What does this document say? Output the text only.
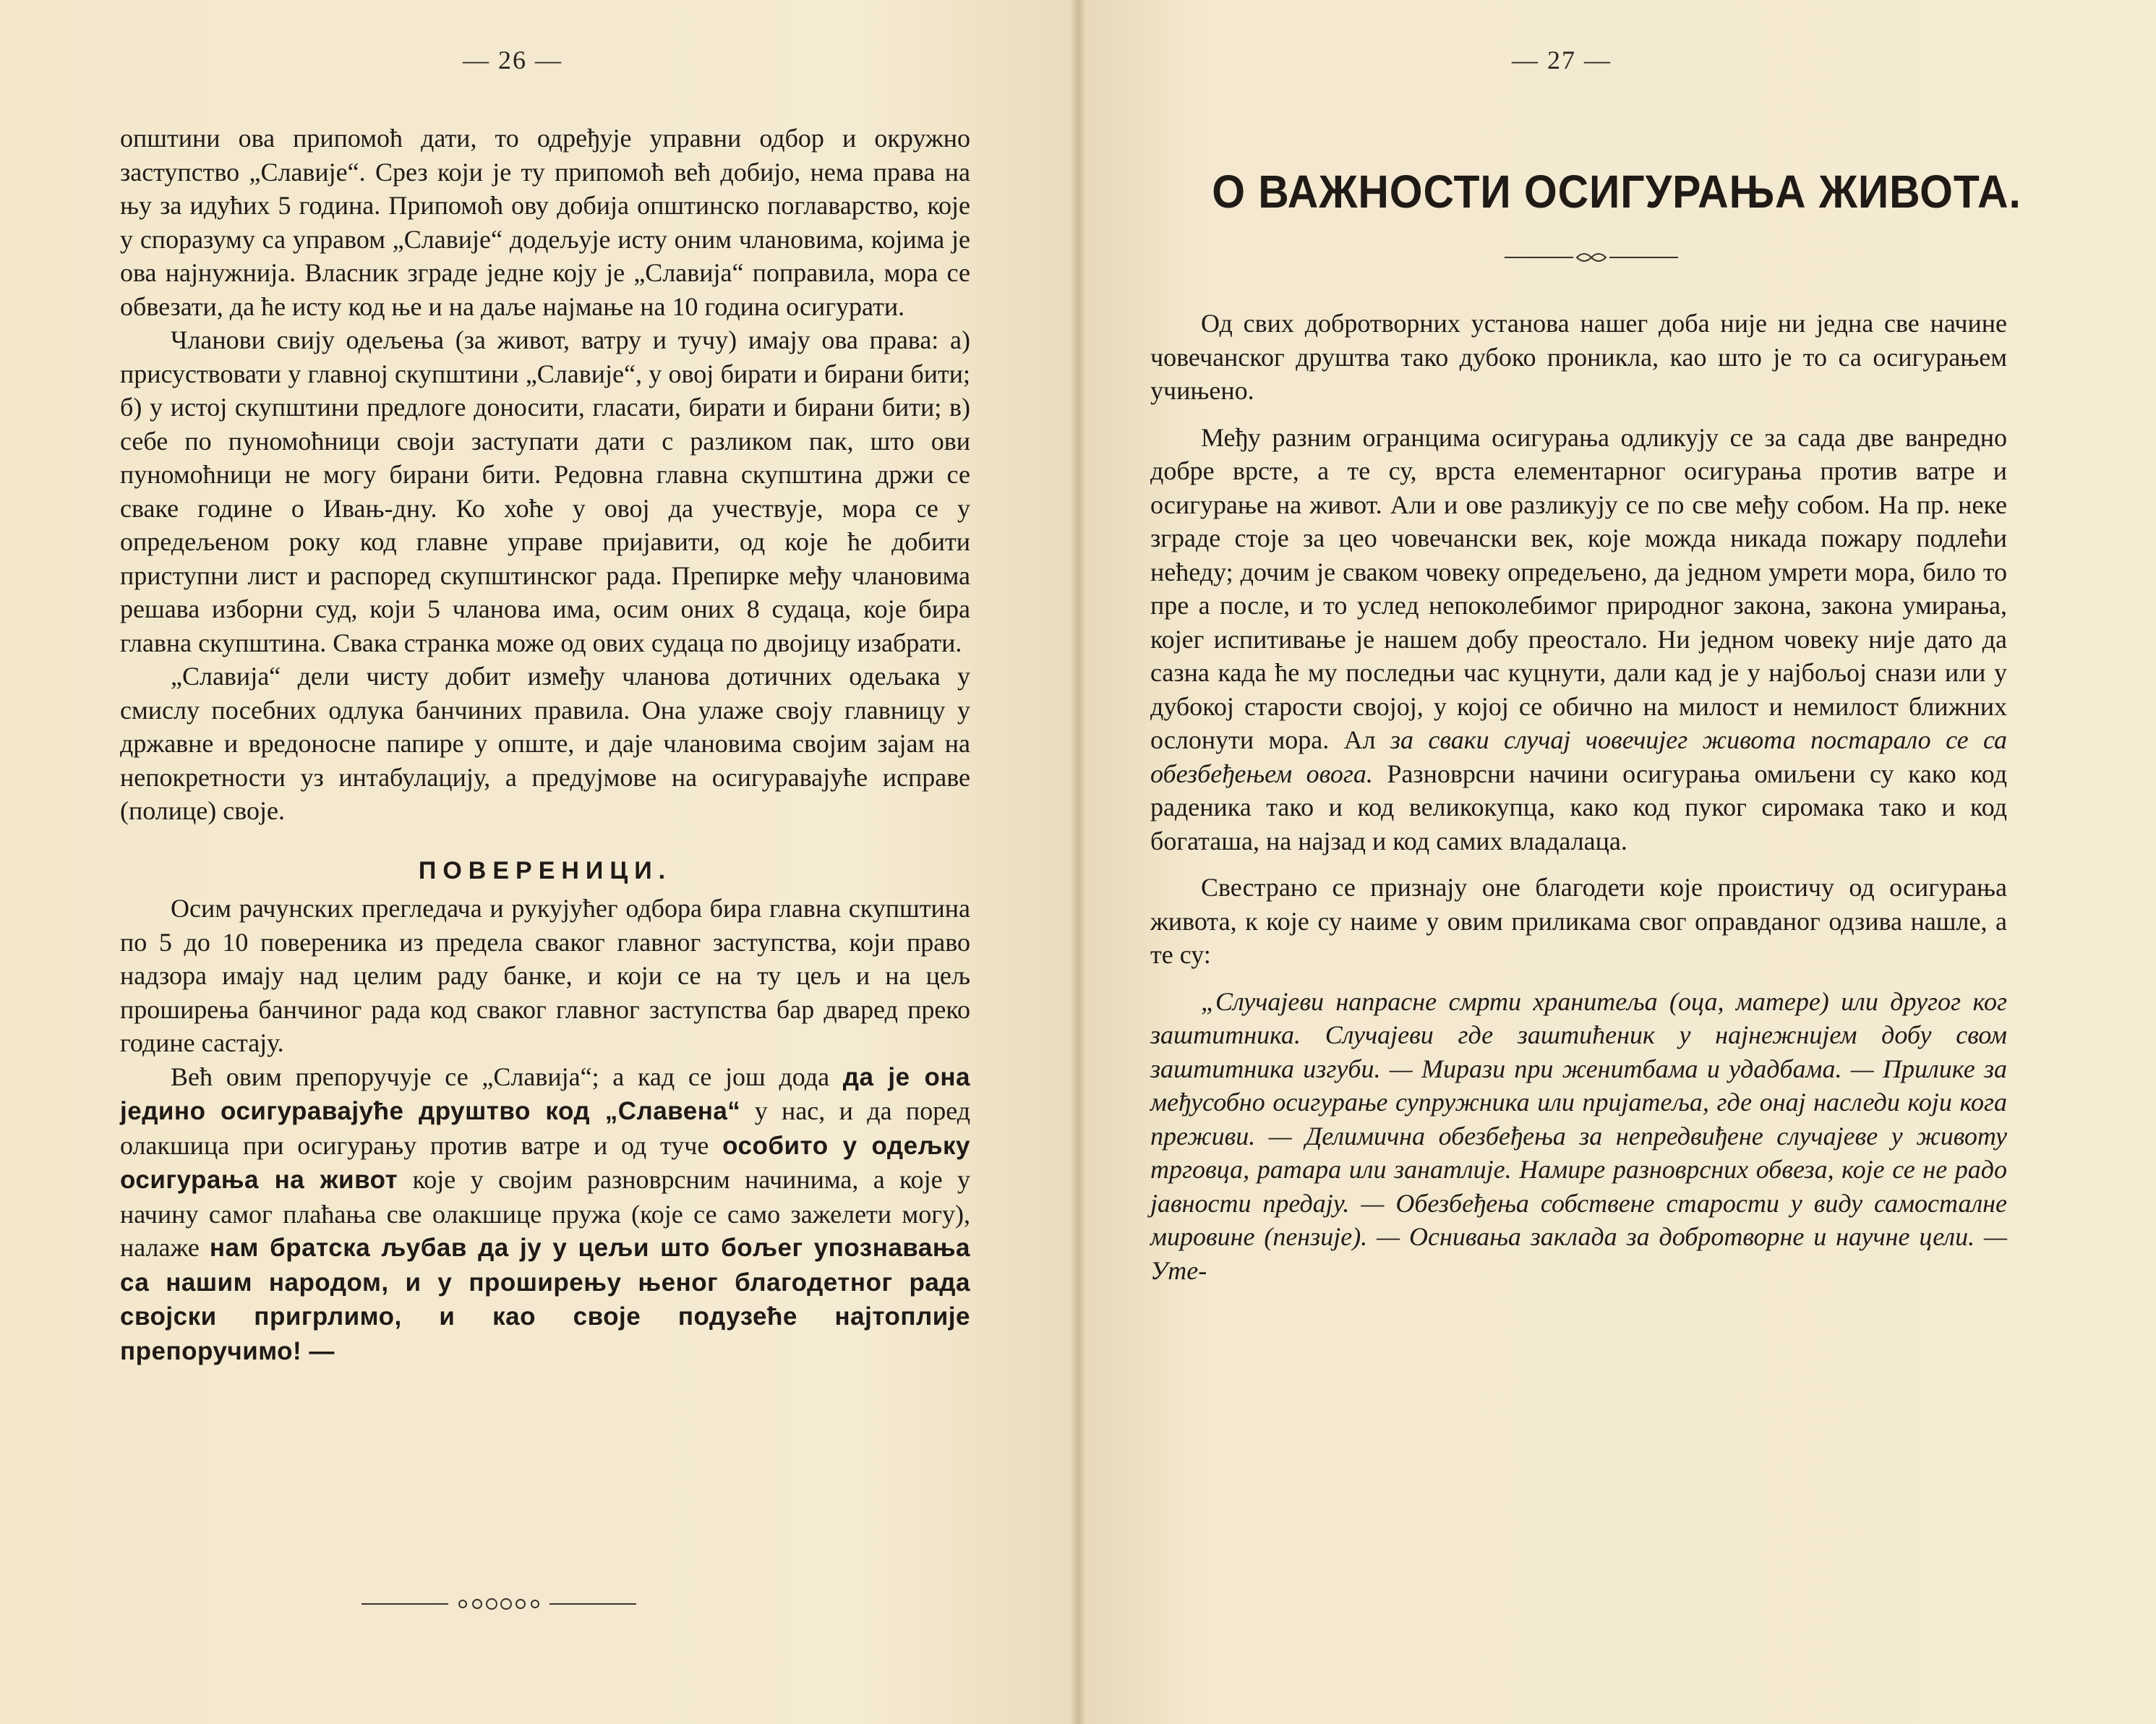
— 26 —

општини ова припомоћ дати, то одређује управни одбор и окружно заступство „Славије“. Срез који је ту припомоћ већ добијо, нема права на њу за идућих 5 година. Припомоћ ову добија општинско поглаварство, које у споразуму са управом „Славије“ додељује исту оним члановима, којима је ова најнужнија. Власник зграде једне коју је „Славија“ поправила, мора се обвезати, да ће исту код ње и на даље најмање на 10 година осигурати.

Чланови свију одељења (за живот, ватру и тучу) имају ова права: а) присуствовати у главној скупштини „Славије“, у овој бирати и бирани бити; б) у истој скупштини предлоге доносити, гласати, бирати и бирани бити; в) себе по пуномоћници своји заступати дати с разликом пак, што ови пуномоћници не могу бирани бити. Редовна главна скупштина држи се сваке године о Ивањ-дну. Ко хоће у овој да учествује, мора се у опредељеном року код главне управе пријавити, од које ће добити приступни лист и распоред скупштинског рада. Препирке међу члановима решава изборни суд, који 5 чланова има, осим оних 8 судаца, које бира главна скупштина. Свака странка може од ових судаца по двојицу изабрати.

„Славија“ дели чисту добит између чланова дотичних одељака у смислу посебних одлука банчиних правила. Она улаже своју главницу у државне и вредоносне папире у опште, и даје члановима својим зајам на непокретности уз интабулацију, а предујмове на осигуравајуће исправе (полице) своје.

ПОВЕРЕНИЦИ.

Осим рачунских прегледача и рукујућег одбора бира главна скупштина по 5 до 10 повереника из предела сваког главног заступства, који право надзора имају над целим раду банке, и који се на ту цељ и на цељ проширења банчиног рада код сваког главног заступства бар дваред преко године састају.

Већ овим препоручује се „Славија“; а кад се још дода да је она једино осигуравајуће друштво код „Славена“ у нас, и да поред олакшица при осигурању против ватре и од туче особито у одељку осигурања на живот које у својим разноврсним начинима, а које у начину самог плаћања све олакшице пружа (које се само зажелети могу), налаже нам братска љубав да ју у цељи што бољег упознавања са нашим народом, и у проширењу њеног благодетног рада својски пригрлимо, и као своје подузеће најтоплије препоручимо! —

— 27 —
О ВАЖНОСТИ ОСИГУРАЊА ЖИВОТА.

Од свих добротворних установа нашег доба није ни једна све начине човечанског друштва тако дубоко проникла, као што је то са осигурањем учињено.

Међу разним огранцима осигурања одликују се за сада две ванредно добре врсте, а те су, врста елементарног осигурања против ватре и осигурање на живот. Али и ове разликују се по све међу собом. На пр. неке зграде стоје за цео човечански век, које можда никада пожару подлећи нећеду; дочим је сваком човеку опредељено, да једном умрети мора, било то пре а после, и то услед непоколебимог природног закона, закона умирања, којег испитивање је нашем добу преостало. Ни једном човеку није дато да сазна када ће му последњи час куцнути, дали кад је у најбољој снази или у дубокој старости својој, у којој се обично на милост и немилост ближних ослонути мора. Ал за сваки случај човечијег живота постарало се са обезбеђењем овога. Разноврсни начини осигурања омиљени су како код радeника тако и код великокупца, како код пуког сиромака тако и код богаташа, на најзад и код самих владалаца.

Свестрано се признају оне благодети које проистичу од осигурања живота, к које су наиме у овим приликама свог оправданог одзива нашле, а те су:

„Случајеви напрасне смрти хранитеља (оца, матере) или другог ког заштитника. Случајеви где заштићеник у најнежнијем добу свом заштитника изгуби. — Мирази при женитбама и удадбама. — Прилике за међусобно осигурање супружника или пријатеља, где онај наследи који кога преживи. — Делимична обезбеђења за непредвиђене случајеве у животу трговца, ратара или занатлије. Намире разноврсних обвеза, које се не радо јавности предају. — Обезбеђења собствене старости у виду самосталне мировине (пензије). — Оснивања заклада за добротворне и научне цели. — Уте-
